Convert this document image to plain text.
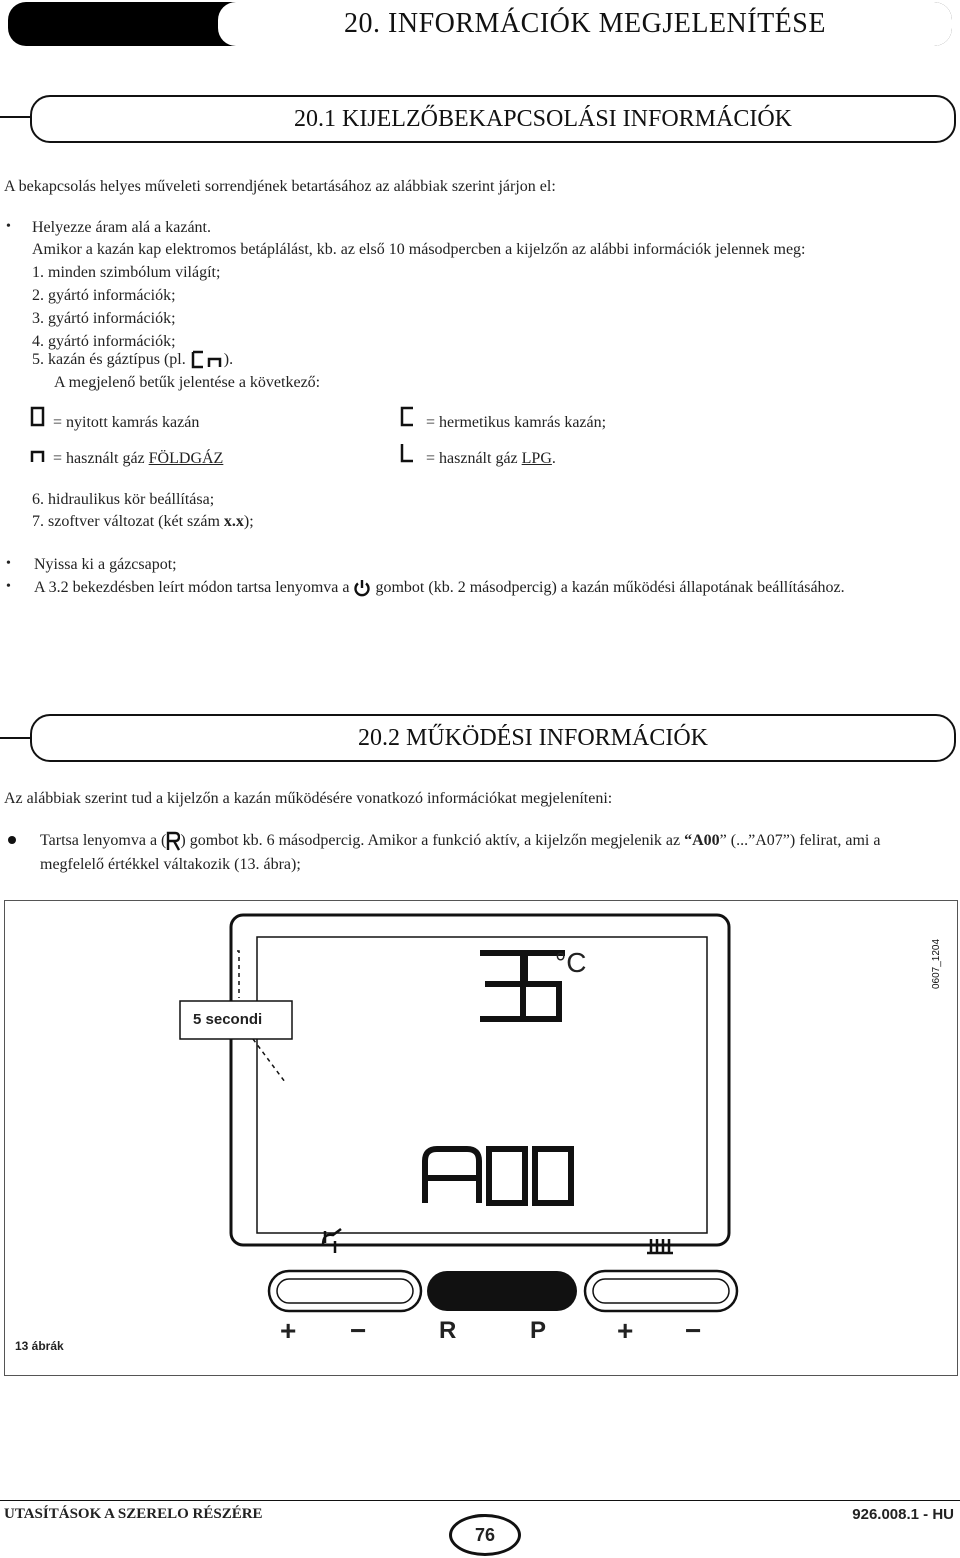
20. INFORMÁCIÓK MEGJELENÍTÉSE
20.1 KIJELZŐBEKAPCSOLÁSI INFORMÁCIÓK
A bekapcsolás helyes műveleti sorrendjének betartásához az alábbiak szerint járjon el:
• Helyezze áram alá a kazánt.
Amikor a kazán kap elektromos betáplálást, kb. az első 10 másodpercben a kijelzőn az alábbi információk jelennek meg:
1. minden szimbólum világít;
2. gyártó információk;
3. gyártó információk;
4. gyártó információk;
5. kazán és gáztípus (pl. ).
A megjelenő betűk jelentése a következő:
= nyitott kamrás kazán	= hermetikus kamrás kazán;
= használt gáz FÖLDGÁZ	= használt gáz LPG.
6. hidraulikus kör beállítása;
7. szoftver változat (két szám x.x);
• Nyissa ki a gázcsapot;
• A 3.2 bekezdésben leírt módon tartsa lenyomva a gombot (kb. 2 másodpercig) a kazán működési állapotának beállításához.
20.2 MŰKÖDÉSI INFORMÁCIÓK
Az alábbiak szerint tud a kijelzőn a kazán működésére vonatkozó információkat megjeleníteni:
Tartsa lenyomva a ( ) gombot kb. 6 másodpercig. Amikor a funkció aktív, a kijelzőn megjelenik az “A00” (...”A07”) felirat, ami a
megfelelő értékkel váltakozik (13. ábra);
0607_1204
5 secondi
°C
+ −	R	P	+ −
13 ábrák
UTASÍTÁSOK A SZERELO RÉSZÉRE
76
926.008.1 - HU
